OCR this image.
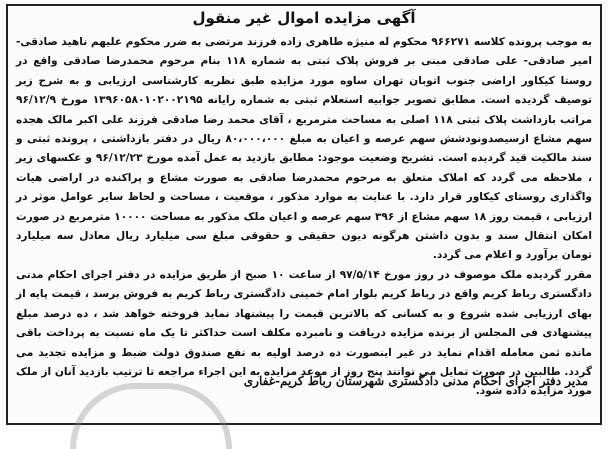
آگهی مزایده اموال غیر منقول

به موجب پرونده کلاسه ۹۶۶۲۷۱ محکوم له منیژه طاهری زاده فرزند مرتضی به ضرر محکوم علیهم ناهید صادقی-امیر صادقی- علی صادقی مبنی بر فروش پلاک ثبتی به شماره ۱۱۸ بنام مرحوم محمدرضا صادقی واقع در روستا کیکاور اراضی جنوب اتوبان تهران ساوه مورد مزایده طبق نظریه کارشناسی ارزیابی و به شرح زیر توصیف گردیده است. مطابق تصویر جوابیه استعلام ثبتی به شماره رایانه ۱۳۹۶۰۵۸۰۱۰۲۰۰۲۱۹۵ مورخ ۹۶/۱۲/۹ مراتب بازداشت پلاک ثبتی ۱۱۸ اصلی به مساحت مترمربع ، آقای محمد رضا صادقی فرزند علی اکبر مالک هجده سهم مشاع ازسیصدونودشش سهم عرصه و اعیان به مبلغ ۸۰،۰۰۰،۰۰۰ ریال در دفتر بازداشتی ، پرونده ثبتی و سند مالکیت قید گردیده است. تشریح وضعیت موجود: مطابق بازدید به عمل آمده مورخ ۹۶/۱۲/۲۳ و عکسهای زیر ، ملاحظه می گردد که املاک متعلق به مرحوم محمدرضا صادقی به صورت مشاع و پراکنده در اراضی هیات واگذاری روستای کیکاور قرار دارد. با عنایت به موارد مذکور ، موقعیت ، مساحت و لحاظ سایر عوامل موثر در ارزیابی ، قیمت روز ۱۸ سهم مشاع از ۳۹۶ سهم عرصه و اعیان ملک مذکور به مساحت ۱۰۰۰۰ مترمربع در صورت امکان انتقال سند و بدون داشتن هرگونه دیون حقیقی و حقوقی مبلغ سی میلیارد ریال معادل سه میلیارد تومان برآورد و اعلام می گردد.

مقرر گردیده ملک موصوف در روز مورخ ۹۷/۵/۱۴ از ساعت ۱۰ صبح از طریق مزایده در دفتر اجرای احکام مدنی دادگستری رباط کریم واقع در رباط کریم بلوار امام خمینی دادگستری رباط کریم به فروش برسد ، قیمت پایه از بهای ارزیابی شده شروع و به کسانی که بالاترین قیمت را پیشنهاد نماید فروخته خواهد شد ، ده درصد مبلغ پیشنهادی فی المجلس از برنده مزایده دریافت و نامبرده مکلف است حداکثر تا یک ماه نسبت به پرداخت باقی مانده ثمن معامله اقدام نماید در غیر اینصورت ده درصد اولیه به نفع صندوق دولت ضبط و مزایده تجدید می گردد. طالبین در صورت تمایل می توانند پنج روز از موعد مزایده به این اجراء مراجعه تا ترتیب بازدید آنان از ملک مورد مزایده داده شود.

مدیر دفتر اجرای احکام مدنی دادگستری شهرستان رباط کریم-غفاری
